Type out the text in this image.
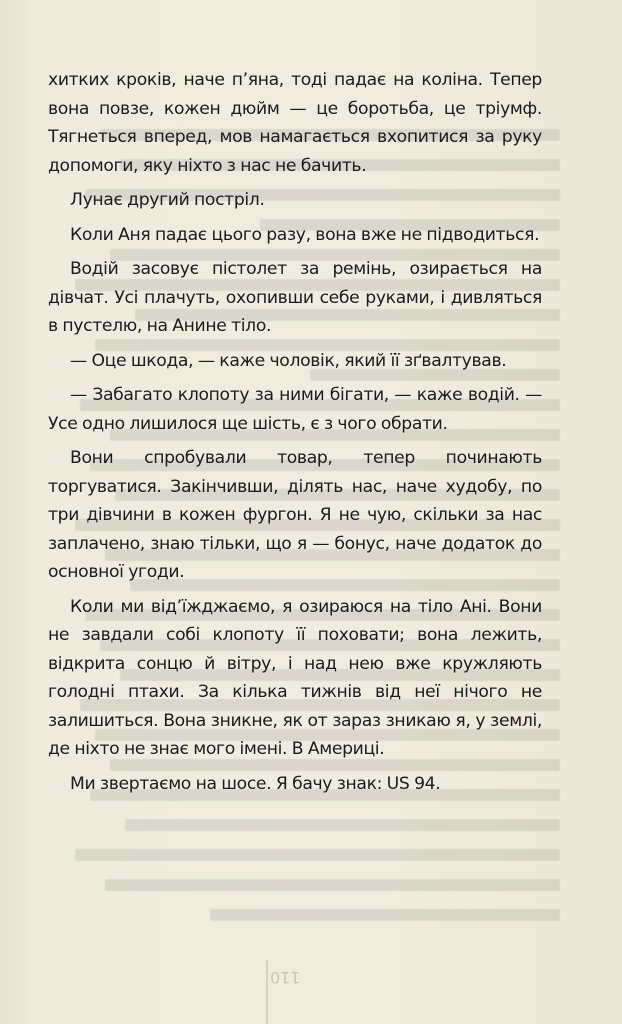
хитких кроків, наче п’яна, тоді падає на коліна. Тепер вона повзе, кожен дюйм — це боротьба, це тріумф. Тягнеться вперед, мов намагається вхопитися за руку допомоги, яку ніхто з нас не бачить.

Лунає другий постріл.

Коли Аня падає цього разу, вона вже не підводиться.

Водій засовує пістолет за ремінь, озирається на дівчат. Усі плачуть, охопивши себе руками, і дивляться в пустелю, на Анине тіло.

— Оце шкода, — каже чоловік, який її зґвалтував.

— Забагато клопоту за ними бігати, — каже водій. — Усе одно лишилося ще шість, є з чого обрати.

Вони спробували товар, тепер починають торгуватися. Закінчивши, ділять нас, наче худобу, по три дівчини в кожен фургон. Я не чую, скільки за нас заплачено, знаю тільки, що я — бонус, наче додаток до основної угоди.

Коли ми від’їжджаємо, я озираюся на тіло Ані. Вони не завдали собі клопоту її поховати; вона лежить, відкрита сонцю й вітру, і над нею вже кружляють голодні птахи. За кілька тижнів від неї нічого не залишиться. Вона зникне, як от зараз зникаю я, у землі, де ніхто не знає мого імені. В Америці.

Ми звертаємо на шосе. Я бачу знак: US 94.

110
